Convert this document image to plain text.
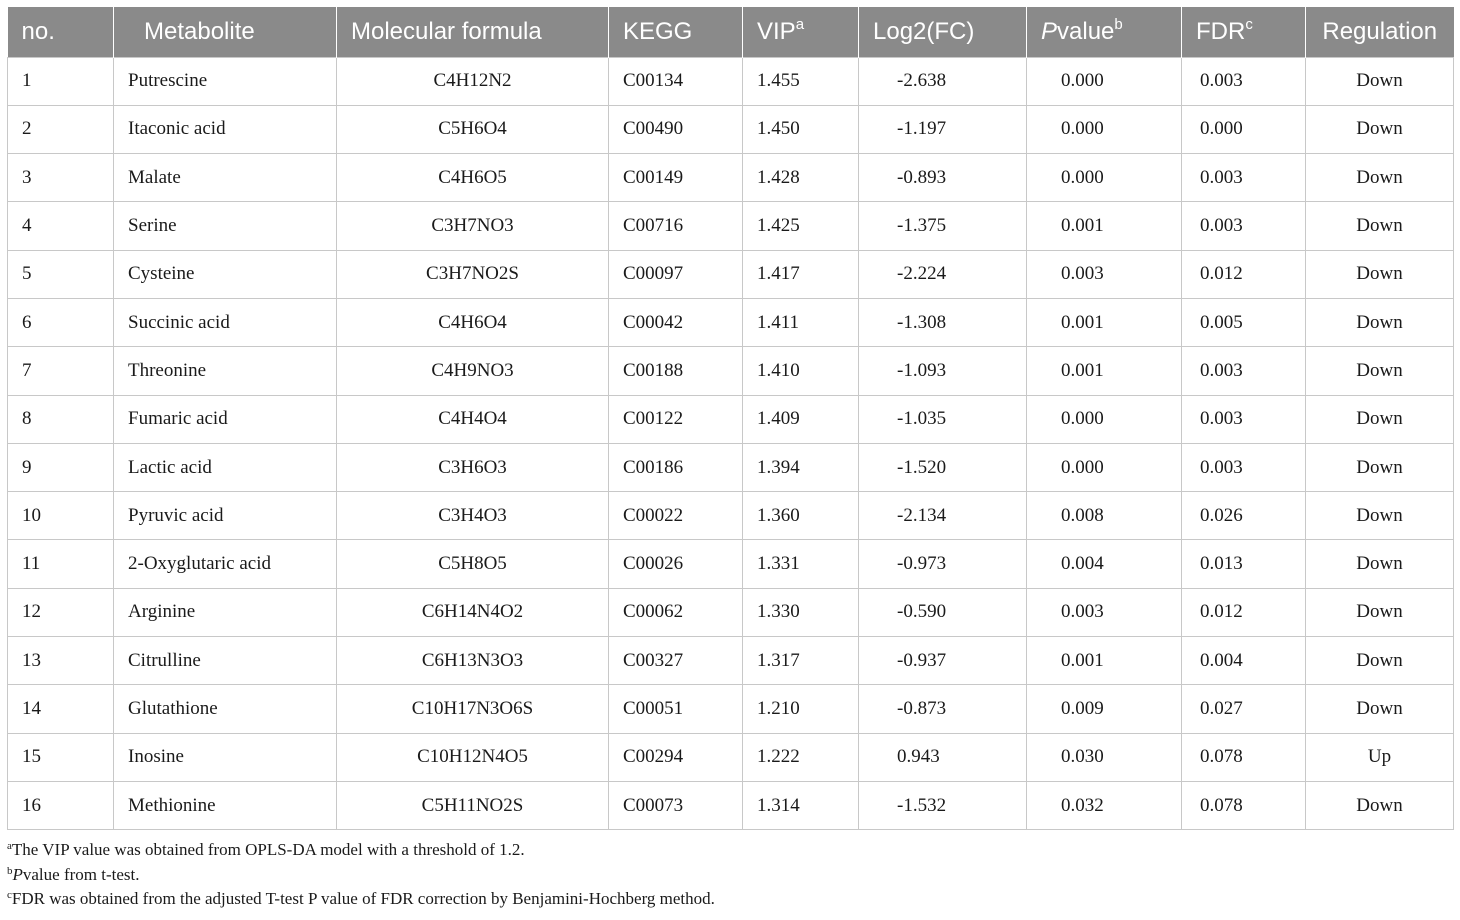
no.	Metabolite	Molecular formula	KEGG	VIP$^a$	Log2(FC)	Pvalue$^b$	FDR$^c$	Regulation
1	Putrescine	C4H12N2	C00134	1.455	-2.638	0.000	0.003	Down
2	Itaconic acid	C5H6O4	C00490	1.450	-1.197	0.000	0.000	Down
3	Malate	C4H6O5	C00149	1.428	-0.893	0.000	0.003	Down
4	Serine	C3H7NO3	C00716	1.425	-1.375	0.001	0.003	Down
5	Cysteine	C3H7NO2S	C00097	1.417	-2.224	0.003	0.012	Down
6	Succinic acid	C4H6O4	C00042	1.411	-1.308	0.001	0.005	Down
7	Threonine	C4H9NO3	C00188	1.410	-1.093	0.001	0.003	Down
8	Fumaric acid	C4H4O4	C00122	1.409	-1.035	0.000	0.003	Down
9	Lactic acid	C3H6O3	C00186	1.394	-1.520	0.000	0.003	Down
10	Pyruvic acid	C3H4O3	C00022	1.360	-2.134	0.008	0.026	Down
11	2-Oxyglutaric acid	C5H8O5	C00026	1.331	-0.973	0.004	0.013	Down
12	Arginine	C6H14N4O2	C00062	1.330	-0.590	0.003	0.012	Down
13	Citrulline	C6H13N3O3	C00327	1.317	-0.937	0.001	0.004	Down
14	Glutathione	C10H17N3O6S	C00051	1.210	-0.873	0.009	0.027	Down
15	Inosine	C10H12N4O5	C00294	1.222	0.943	0.030	0.078	Up
16	Methionine	C5H11NO2S	C00073	1.314	-1.532	0.032	0.078	Down
$^a$The VIP value was obtained from OPLS-DA model with a threshold of 1.2.
$^b$Pvalue from t-test.
$^c$FDR was obtained from the adjusted T-test P value of FDR correction by Benjamini-Hochberg method.
